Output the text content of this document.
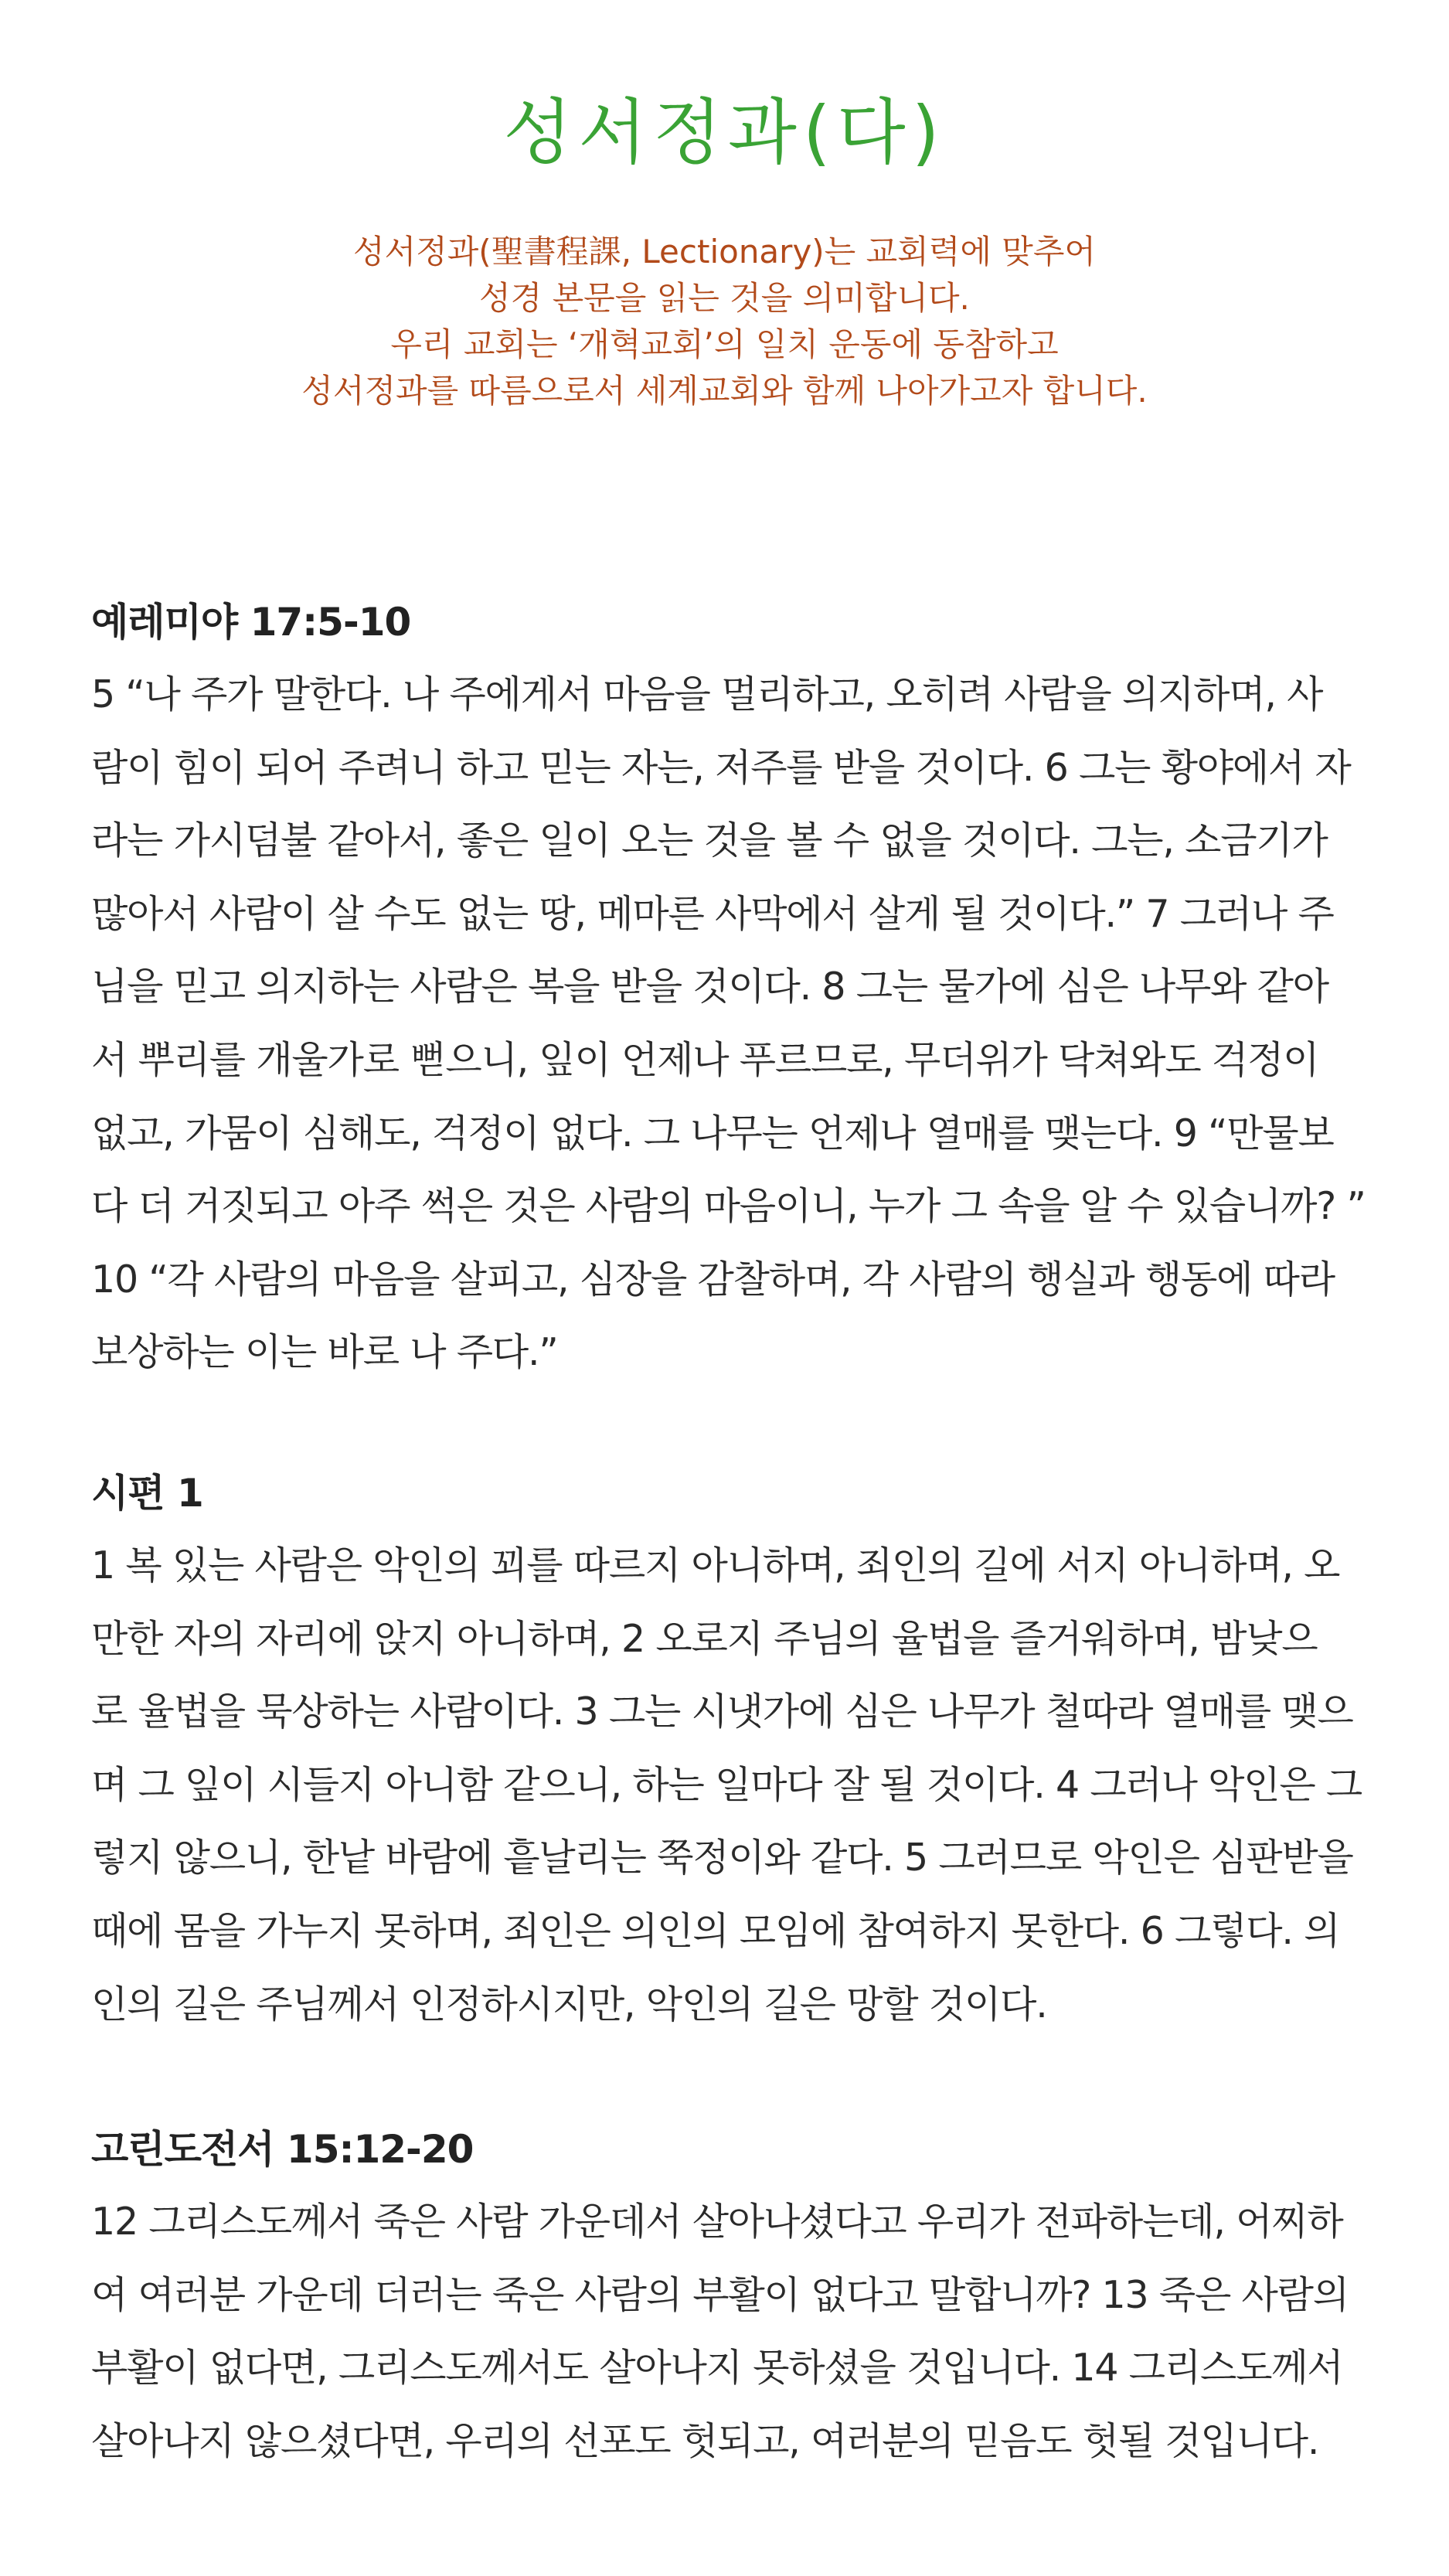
성서정과(다)
성서정과(聖書程課, Lectionary)는 교회력에 맞추어
성경 본문을 읽는 것을 의미합니다.
우리 교회는 ‘개혁교회’의 일치 운동에 동참하고
성서정과를 따름으로서 세계교회와 함께 나아가고자 합니다.
예레미야 17:5-10
5 “나 주가 말한다. 나 주에게서 마음을 멀리하고, 오히려 사람을 의지하며, 사
람이 힘이 되어 주려니 하고 믿는 자는, 저주를 받을 것이다. 6 그는 황야에서 자
라는 가시덤불 같아서, 좋은 일이 오는 것을 볼 수 없을 것이다. 그는, 소금기가
많아서 사람이 살 수도 없는 땅, 메마른 사막에서 살게 될 것이다.” 7 그러나 주
님을 믿고 의지하는 사람은 복을 받을 것이다. 8 그는 물가에 심은 나무와 같아
서 뿌리를 개울가로 뻗으니, 잎이 언제나 푸르므로, 무더위가 닥쳐와도 걱정이
없고, 가뭄이 심해도, 걱정이 없다. 그 나무는 언제나 열매를 맺는다. 9 “만물보
다 더 거짓되고 아주 썩은 것은 사람의 마음이니, 누가 그 속을 알 수 있습니까? ”
10 “각 사람의 마음을 살피고, 심장을 감찰하며, 각 사람의 행실과 행동에 따라
보상하는 이는 바로 나 주다.”
시편 1
1 복 있는 사람은 악인의 꾀를 따르지 아니하며, 죄인의 길에 서지 아니하며, 오
만한 자의 자리에 앉지 아니하며, 2 오로지 주님의 율법을 즐거워하며, 밤낮으
로 율법을 묵상하는 사람이다. 3 그는 시냇가에 심은 나무가 철따라 열매를 맺으
며 그 잎이 시들지 아니함 같으니, 하는 일마다 잘 될 것이다. 4 그러나 악인은 그
렇지 않으니, 한낱 바람에 흩날리는 쭉정이와 같다. 5 그러므로 악인은 심판받을
때에 몸을 가누지 못하며, 죄인은 의인의 모임에 참여하지 못한다. 6 그렇다. 의
인의 길은 주님께서 인정하시지만, 악인의 길은 망할 것이다.
고린도전서 15:12-20
12 그리스도께서 죽은 사람 가운데서 살아나셨다고 우리가 전파하는데, 어찌하
여 여러분 가운데 더러는 죽은 사람의 부활이 없다고 말합니까? 13 죽은 사람의
부활이 없다면, 그리스도께서도 살아나지 못하셨을 것입니다. 14 그리스도께서
살아나지 않으셨다면, 우리의 선포도 헛되고, 여러분의 믿음도 헛될 것입니다.
